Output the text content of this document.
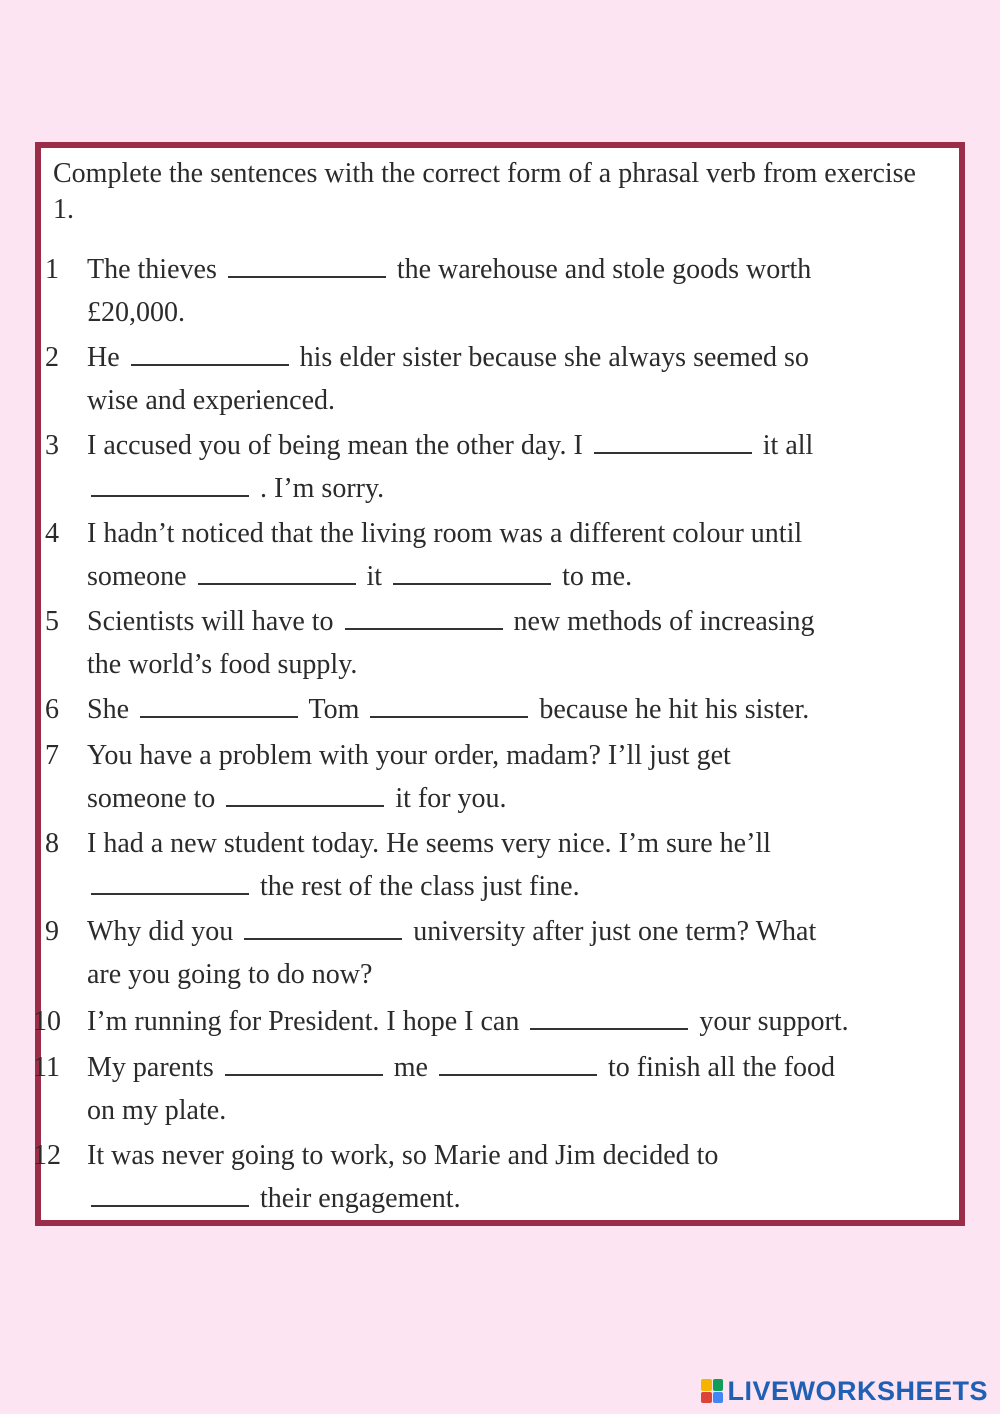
Complete the sentences with the correct form of a phrasal verb from exercise 1.
1	The thieves	the warehouse and stole goods worth
£20,000.
2	He	his elder sister because she always seemed so
wise and experienced.
3	I accused you of being mean the other day. I	it all
. I’m sorry.
4	I hadn’t noticed that the living room was a different colour until
someone	it	to me.
5	Scientists will have to	new methods of increasing
the world’s food supply.
6	She	Tom	because he hit his sister.
7	You have a problem with your order, madam? I’ll just get
someone to	it for you.
8	I had a new student today. He seems very nice. I’m sure he’ll
the rest of the class just fine.
9	Why did you	university after just one term? What
are you going to do now?
10 I’m running for President. I hope I can	your support.
11 My parents	me	to finish all the food
on my plate.
12 It was never going to work, so Marie and Jim decided to
their engagement.
LIVEWORKSHEETS
